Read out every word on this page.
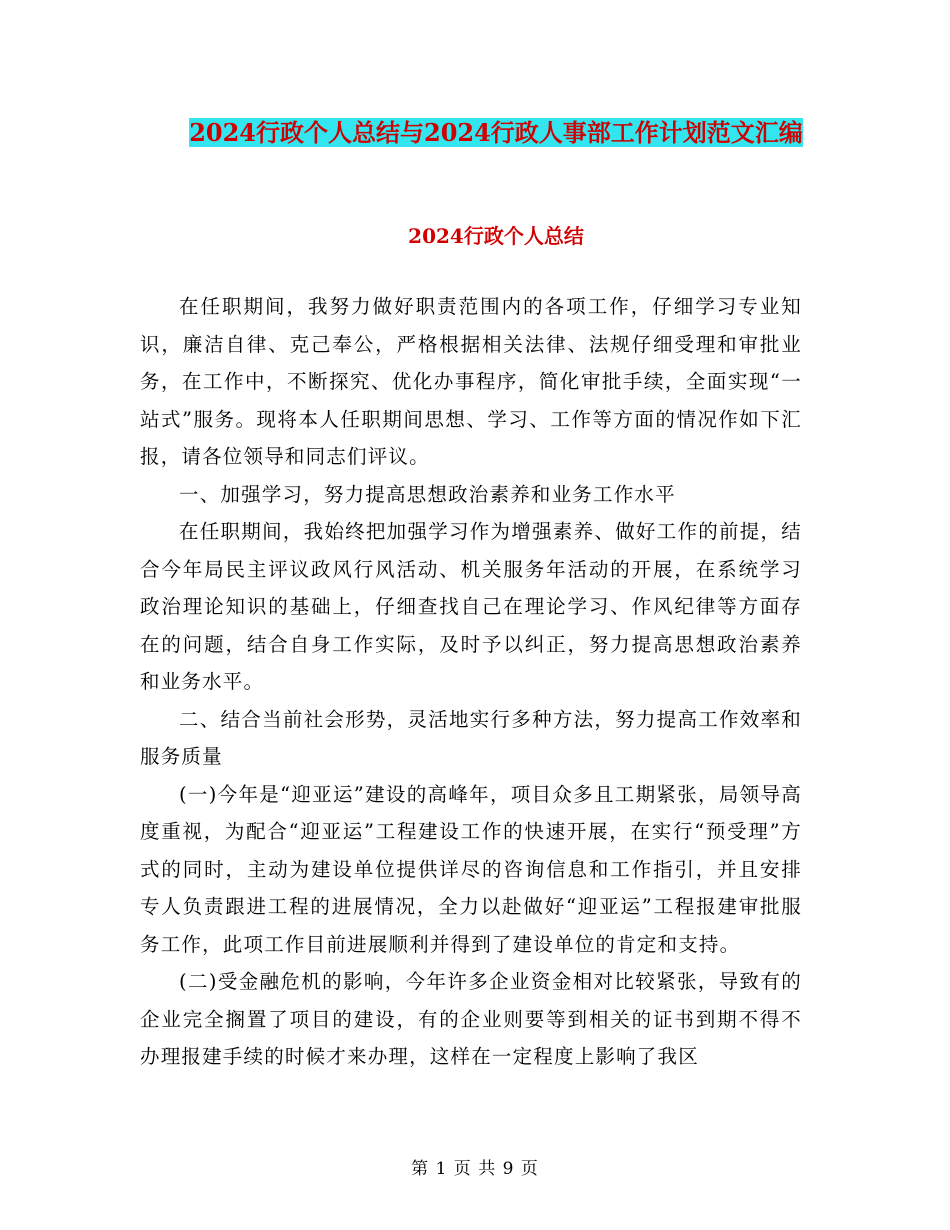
2024行政个人总结与2024行政人事部工作计划范文汇编
2024行政个人总结

在任职期间，我努力做好职责范围内的各项工作，仔细学习专业知识，廉洁自律、克己奉公，严格根据相关法律、法规仔细受理和审批业务，在工作中，不断探究、优化办事程序，简化审批手续，全面实现“一站式”服务。现将本人任职期间思想、学习、工作等方面的情况作如下汇报，请各位领导和同志们评议。

一、加强学习，努力提高思想政治素养和业务工作水平

在任职期间，我始终把加强学习作为增强素养、做好工作的前提，结合今年局民主评议政风行风活动、机关服务年活动的开展，在系统学习政治理论知识的基础上，仔细查找自己在理论学习、作风纪律等方面存在的问题，结合自身工作实际，及时予以纠正，努力提高思想政治素养和业务水平。

二、结合当前社会形势，灵活地实行多种方法，努力提高工作效率和服务质量

(一)今年是“迎亚运”建设的高峰年，项目众多且工期紧张，局领导高度重视，为配合“迎亚运”工程建设工作的快速开展，在实行“预受理”方式的同时，主动为建设单位提供详尽的咨询信息和工作指引，并且安排专人负责跟进工程的进展情况，全力以赴做好“迎亚运”工程报建审批服务工作，此项工作目前进展顺利并得到了建设单位的肯定和支持。

(二)受金融危机的影响，今年许多企业资金相对比较紧张，导致有的企业完全搁置了项目的建设，有的企业则要等到相关的证书到期不得不办理报建手续的时候才来办理，这样在一定程度上影响了我区

第 1 页 共 9 页
